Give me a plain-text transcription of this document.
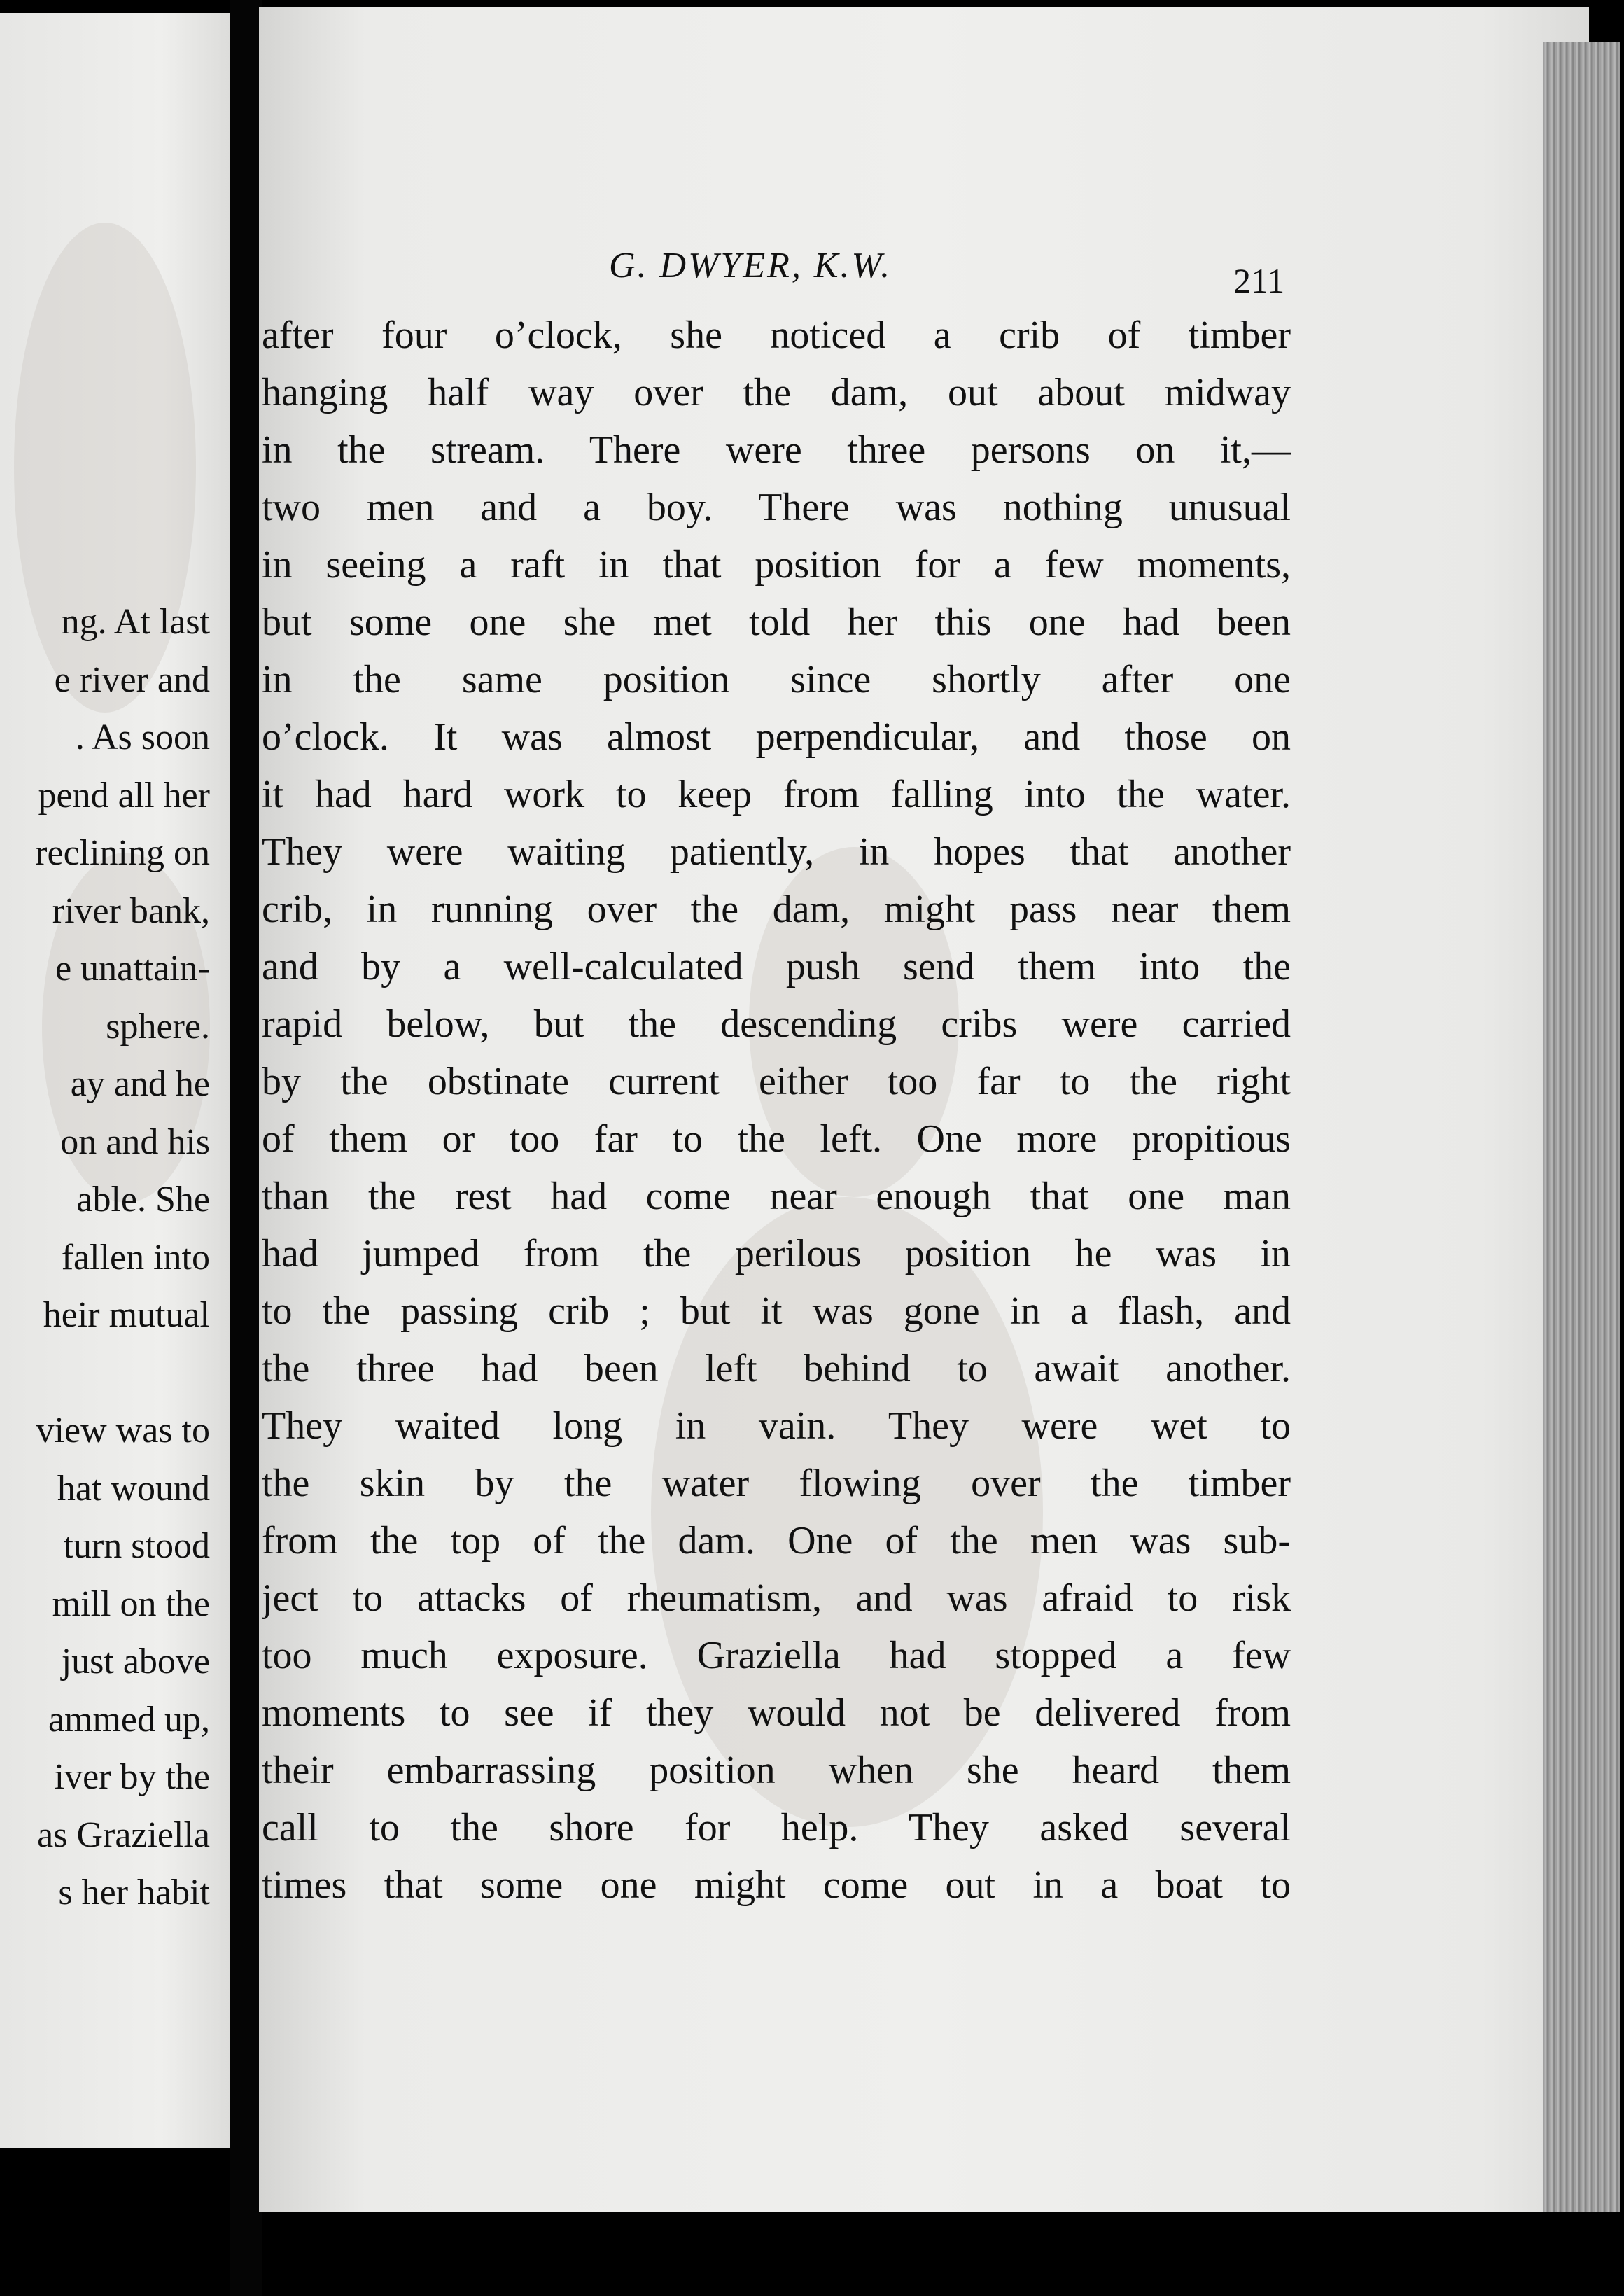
ng. At last
e river and
. As soon
pend all her
reclining on
river bank,
e unattain-
sphere.
ay and he
on and his
able. She
fallen into
heir mutual
view was to
hat wound
turn stood
mill on the
just above
ammed up,
iver by the
as Graziella
s her habit
G. DWYER, K.W.	211
after four o’clock, she noticed a crib of timber
hanging half way over the dam, out about midway
in the stream. There were three persons on it,—
two men and a boy. There was nothing unusual
in seeing a raft in that position for a few moments,
but some one she met told her this one had been
in the same position since shortly after one
o’clock. It was almost perpendicular, and those on
it had hard work to keep from falling into the water.
They were waiting patiently, in hopes that another
crib, in running over the dam, might pass near them
and by a well-calculated push send them into the
rapid below, but the descending cribs were carried
by the obstinate current either too far to the right
of them or too far to the left. One more propitious
than the rest had come near enough that one man
had jumped from the perilous position he was in
to the passing crib ; but it was gone in a flash, and
the three had been left behind to await another.
They waited long in vain. They were wet to
the skin by the water flowing over the timber
from the top of the dam. One of the men was sub-
ject to attacks of rheumatism, and was afraid to risk
too much exposure. Graziella had stopped a few
moments to see if they would not be delivered from
their embarrassing position when she heard them
call to the shore for help. They asked several
times that some one might come out in a boat to
